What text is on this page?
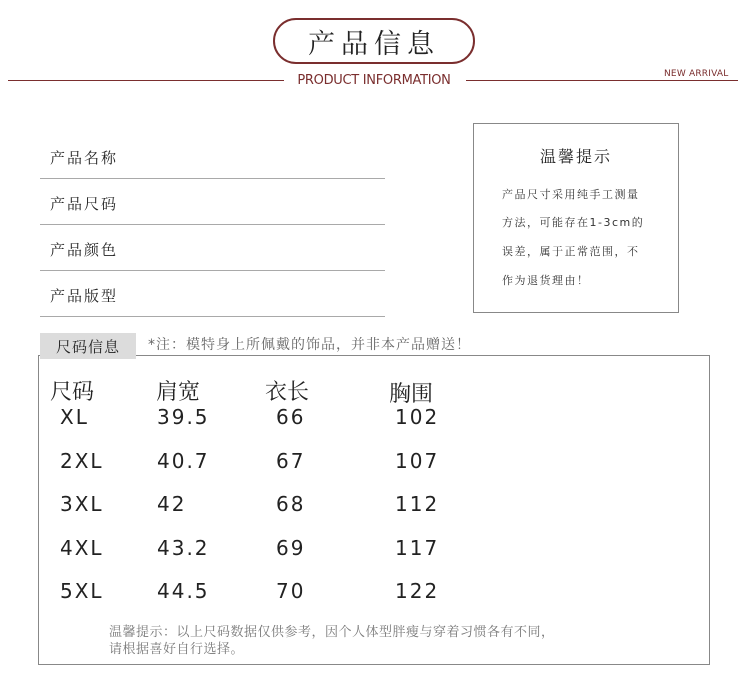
产品信息
PRODUCT INFORMATION	NEW ARRIVAL
产品名称
产品尺码
产品颜色
产品版型
温馨提示
产品尺寸采用纯手工测量
方法，可能存在1-3cm的
误差，属于正常范围，不
作为退货理由！
尺码信息	*注：模特身上所佩戴的饰品，并非本产品赠送！
尺码	肩宽	衣长	胸围
XL	39.5	66	102
2XL	40.7	67	107
3XL	42	68	112
4XL	43.2	69	117
5XL	44.5	70	122
温馨提示：以上尺码数据仅供参考，因个人体型胖瘦与穿着习惯各有不同，
请根据喜好自行选择。
